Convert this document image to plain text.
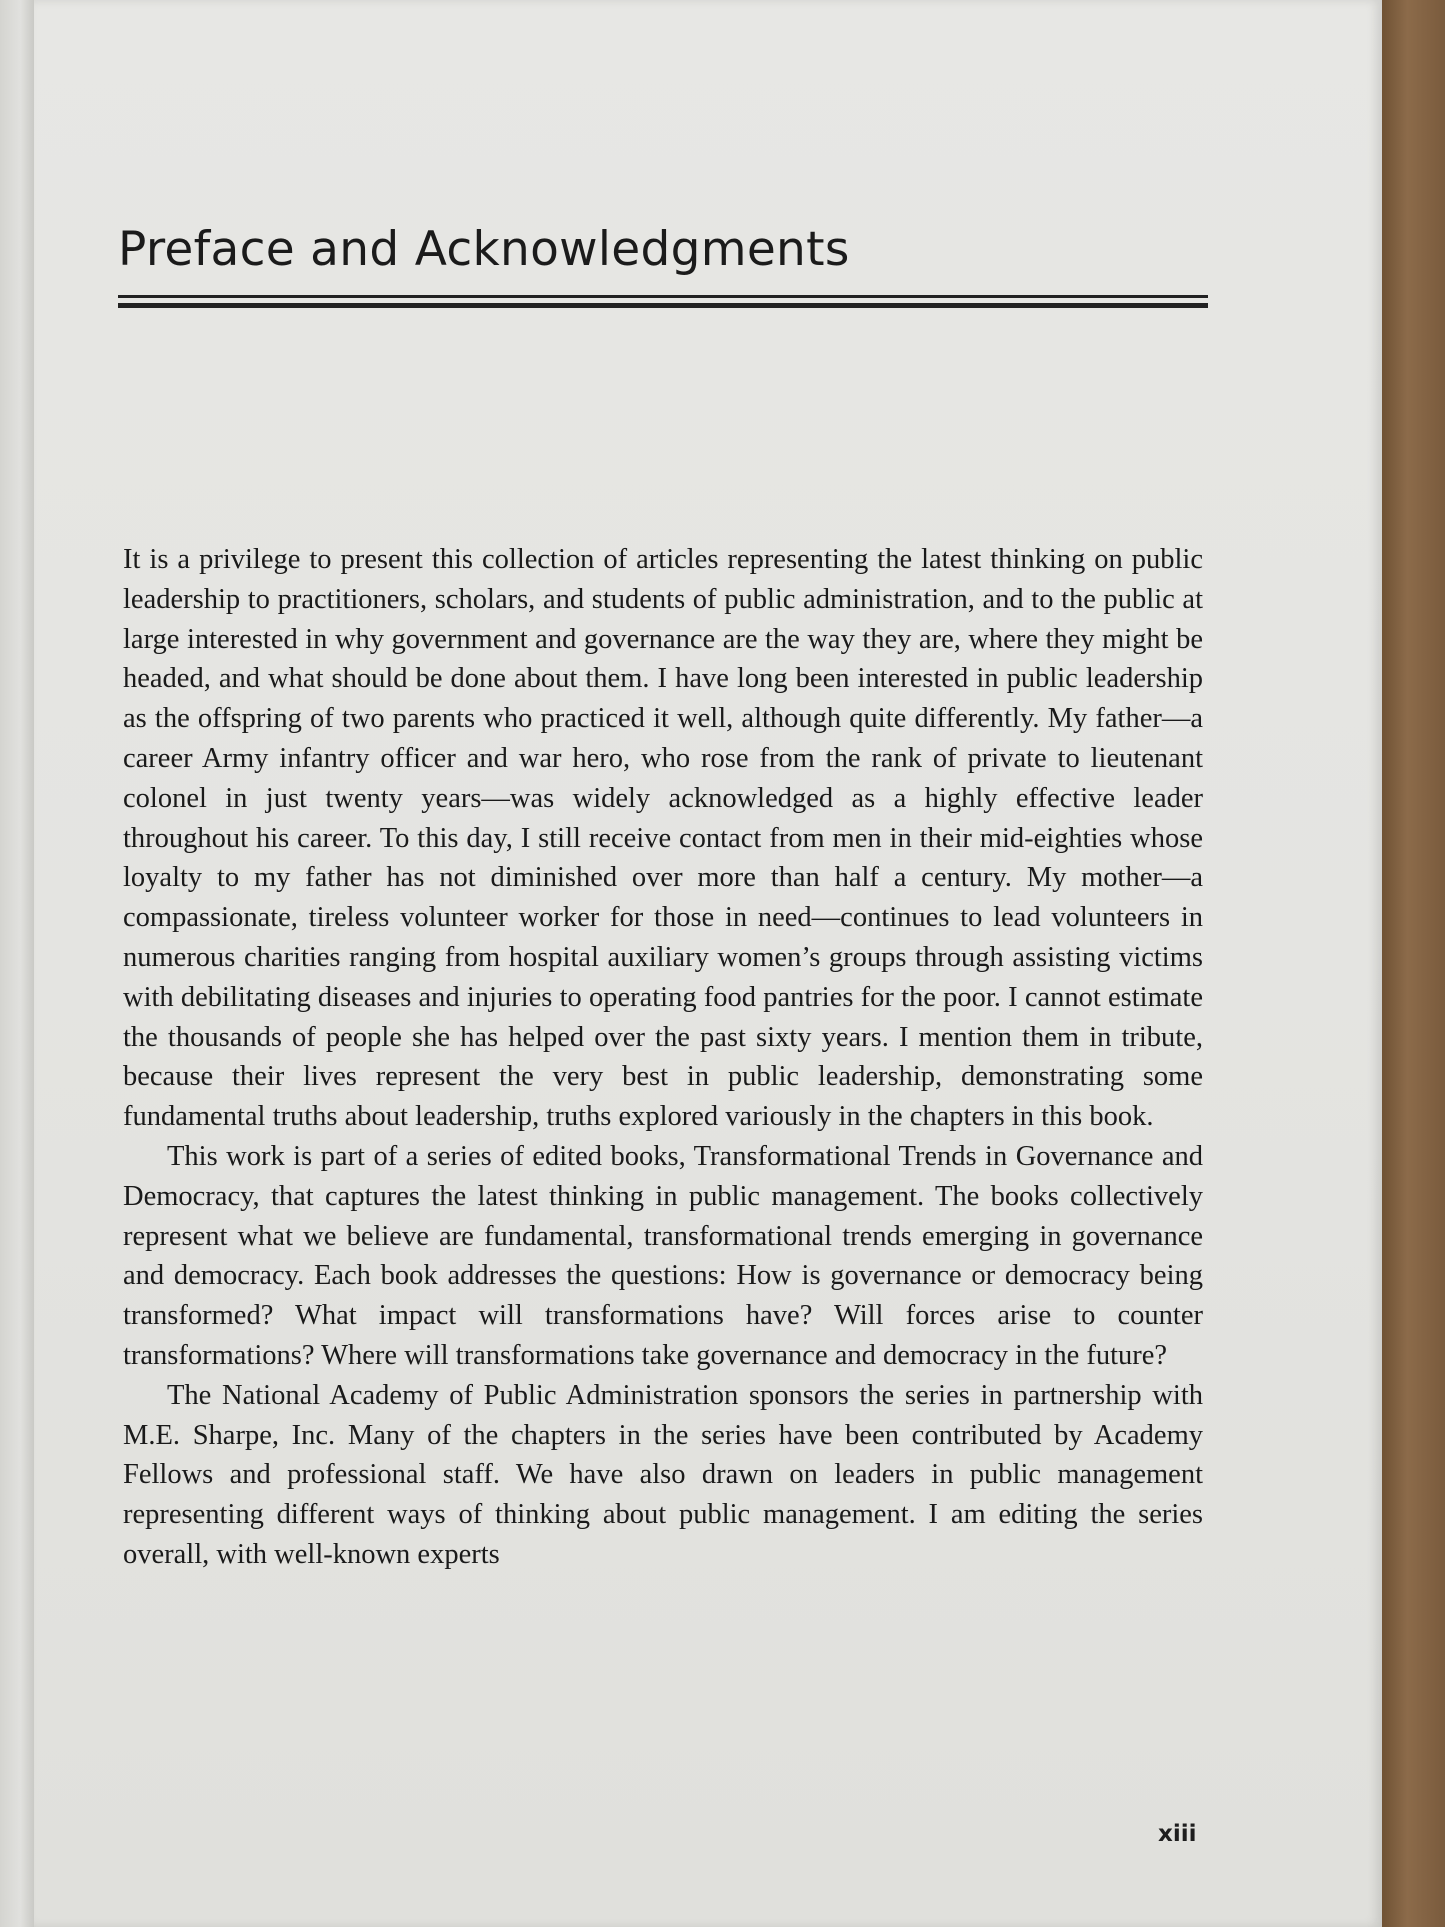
Preface and Acknowledgments

It is a privilege to present this collection of articles representing the latest thinking on public leadership to practitioners, scholars, and students of public administration, and to the public at large interested in why government and governance are the way they are, where they might be headed, and what should be done about them. I have long been interested in public leadership as the offspring of two parents who practiced it well, although quite differently. My father—a career Army infantry officer and war hero, who rose from the rank of private to lieutenant colonel in just twenty years—was widely acknowledged as a highly effective leader throughout his career. To this day, I still receive contact from men in their mid-eighties whose loyalty to my father has not diminished over more than half a century. My mother—a compassionate, tireless volunteer worker for those in need—continues to lead volunteers in numerous charities ranging from hospital auxiliary women’s groups through assisting victims with debilitating diseases and injuries to operating food pantries for the poor. I cannot estimate the thousands of people she has helped over the past sixty years. I mention them in tribute, because their lives represent the very best in public leadership, demonstrating some fundamental truths about leadership, truths explored variously in the chapters in this book.

This work is part of a series of edited books, Transformational Trends in Governance and Democracy, that captures the latest thinking in public management. The books collectively represent what we believe are fundamental, transformational trends emerging in governance and democracy. Each book addresses the questions: How is governance or democracy being transformed? What impact will transformations have? Will forces arise to counter transformations? Where will transformations take governance and democracy in the future?

The National Academy of Public Administration sponsors the series in partnership with M.E. Sharpe, Inc. Many of the chapters in the series have been contributed by Academy Fellows and professional staff. We have also drawn on leaders in public management representing different ways of thinking about public management. I am editing the series overall, with well-known experts

xiii
